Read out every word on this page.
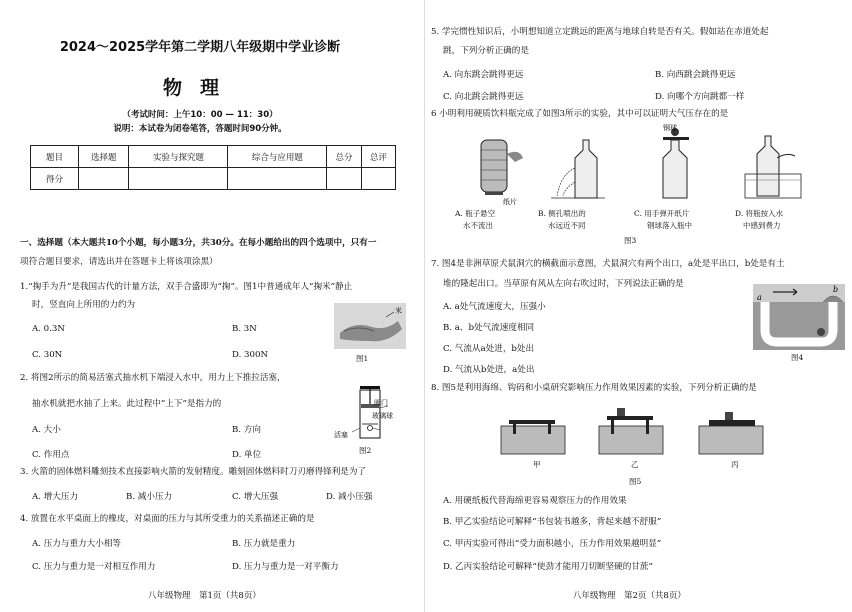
2024～2025学年第二学期八年级期中学业诊断
物理
（考试时间：上午10：00 — 11：30）
说明：本试卷为闭卷笔答，答题时间90分钟。
题目	选择题	实验与探究题	综合与应用题	总分	总评
得分					
一、选择题（本大题共10个小题，每小题3分，共30分。在每小题给出的四个选项中，只有一
项符合题目要求，请选出并在答题卡上将该项涂黑）
1.“掬手为升”是我国古代的计量方法，双手合盛即为“掬”。图1中普通成年人“掬米”静止
时，竖直向上所用的力约为
A. 0.3N	B. 3N
C. 30N	D. 300N
米
图1
2. 将图2所示的简易活塞式抽水机下端浸入水中，用力上下推拉活塞，
抽水机就把水抽了上来。此过程中“上下”是指力的
A. 大小	B. 方向
C. 作用点	D. 单位
阀门
活塞
玻璃球
图2
3. 火箭的固体燃料雕刻技术直接影响火箭的发射精度。雕刻固体燃料时刀刃磨得锋利是为了
A. 增大压力	B. 减小压力	C. 增大压强	D. 减小压强
4. 放置在水平桌面上的橡皮，对桌面的压力与其所受重力的关系描述正确的是
A. 压力与重力大小相等	B. 压力就是重力
C. 压力与重力是一对相互作用力	D. 压力与重力是一对平衡力
八年级物理　第1页（共8页）
5. 学完惯性知识后，小明想知道立定跳远的距离与地球自转是否有关。假如站在赤道处起
跳，下列分析正确的是
A. 向东跳会跳得更远	B. 向西跳会跳得更远
C. 向北跳会跳得更远	D. 向哪个方向跳都一样
6 小明利用硬质饮料瓶完成了如图3所示的实验，其中可以证明大气压存在的是
纸片
钢球
A. 瓶子悬空
水不流出
B. 侧孔喷出的
水远近不同
C. 用手弹开纸片
钢球落入瓶中
D. 将瓶按入水
中感到费力
图3
7. 图4是非洲草原犬鼠洞穴的横截面示意图，犬鼠洞穴有两个出口，a处是平出口，b处是有土
堆的隆起出口。当草原有风从左向右吹过时，下列说法正确的是
A. a处气流速度大，压强小
B. a、b处气流速度相同
C. 气流从a处进，b处出
D. 气流从b处进，a处出
a
b
图4
8. 图5是利用海绵、钩码和小桌研究影响压力作用效果因素的实验，下列分析正确的是
甲	乙	丙
图5
A. 用硬纸板代替海绵更容易观察压力的作用效果
B. 甲乙实验结论可解释“书包装书越多，背起来越不舒服”
C. 甲丙实验可得出“受力面积越小，压力作用效果越明显”
D. 乙丙实验结论可解释“使劲才能用刀切断坚硬的甘蔗”
八年级物理　第2页（共8页）
